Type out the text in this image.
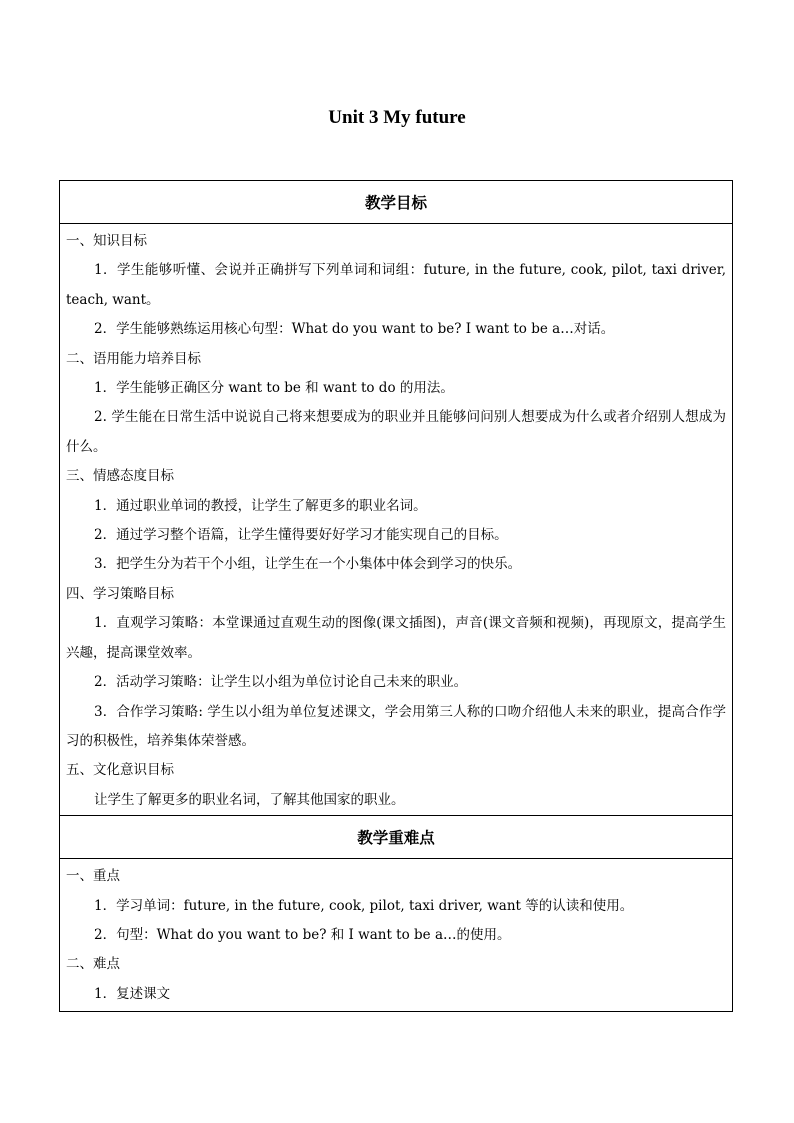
Unit 3 My future
教学目标
一、知识目标
1．学生能够听懂、会说并正确拼写下列单词和词组：future, in the future, cook, pilot, taxi driver, teach, want。
2．学生能够熟练运用核心句型：What do you want to be? I want to be a…对话。
二、语用能力培养目标
1．学生能够正确区分 want to be 和 want to do 的用法。
2. 学生能在日常生活中说说自己将来想要成为的职业并且能够问问别人想要成为什么或者介绍别人想成为什么。
三、情感态度目标
1．通过职业单词的教授，让学生了解更多的职业名词。
2．通过学习整个语篇，让学生懂得要好好学习才能实现自己的目标。
3．把学生分为若干个小组，让学生在一个小集体中体会到学习的快乐。
四、学习策略目标
1．直观学习策略：本堂课通过直观生动的图像(课文插图)，声音(课文音频和视频)，再现原文，提高学生兴趣，提高课堂效率。
2．活动学习策略：让学生以小组为单位讨论自己未来的职业。
3．合作学习策略: 学生以小组为单位复述课文，学会用第三人称的口吻介绍他人未来的职业，提高合作学习的积极性，培养集体荣誉感。
五、文化意识目标
让学生了解更多的职业名词，了解其他国家的职业。
教学重难点
一、重点
1．学习单词：future, in the future, cook, pilot, taxi driver, want 等的认读和使用。
2．句型：What do you want to be? 和 I want to be a…的使用。
二、难点
1．复述课文
